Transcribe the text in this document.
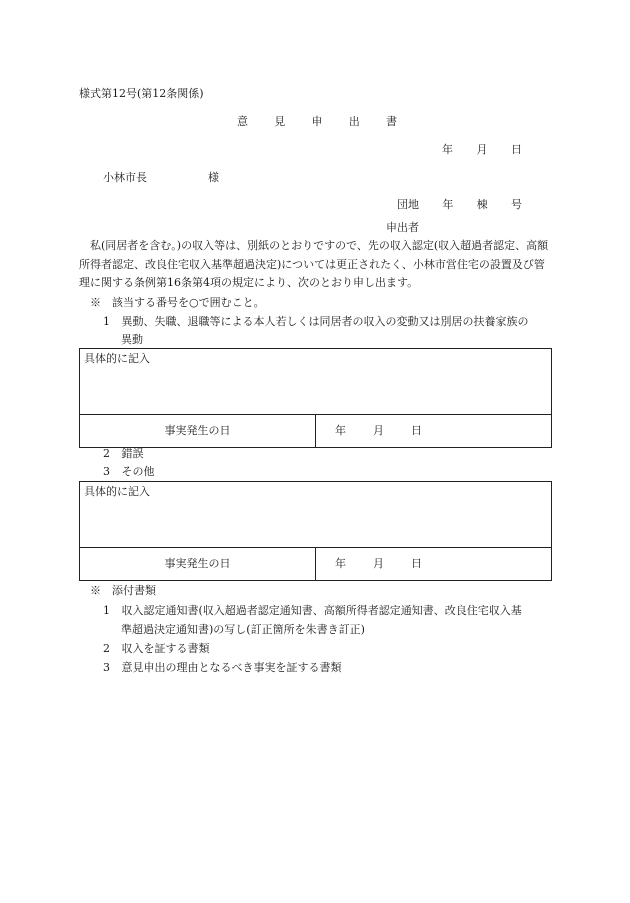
様式第12号(第12条関係)
意 見 申 出 書
年 月 日
小林市長	様
団地 年 棟 号
申出者
私(同居者を含む。)の収入等は、別紙のとおりですので、先の収入認定(収入超過者認定、高額所得者認定、改良住宅収入基準超過決定)については更正されたく、小林市営住宅の設置及び管理に関する条例第16条第4項の規定により、次のとおり申し出ます。
※　該当する番号を○で囲むこと。
1 異動、失職、退職等による本人若しくは同居者の収入の変動又は別居の扶養家族の
異動
具体的に記入
事実発生の日	年 月 日
2 錯誤
3 その他
具体的に記入
事実発生の日	年 月 日
※　添付書類
1 収入認定通知書(収入超過者認定通知書、高額所得者認定通知書、改良住宅収入基
準超過決定通知書)の写し(訂正箇所を朱書き訂正)
2 収入を証する書類
3 意見申出の理由となるべき事実を証する書類
